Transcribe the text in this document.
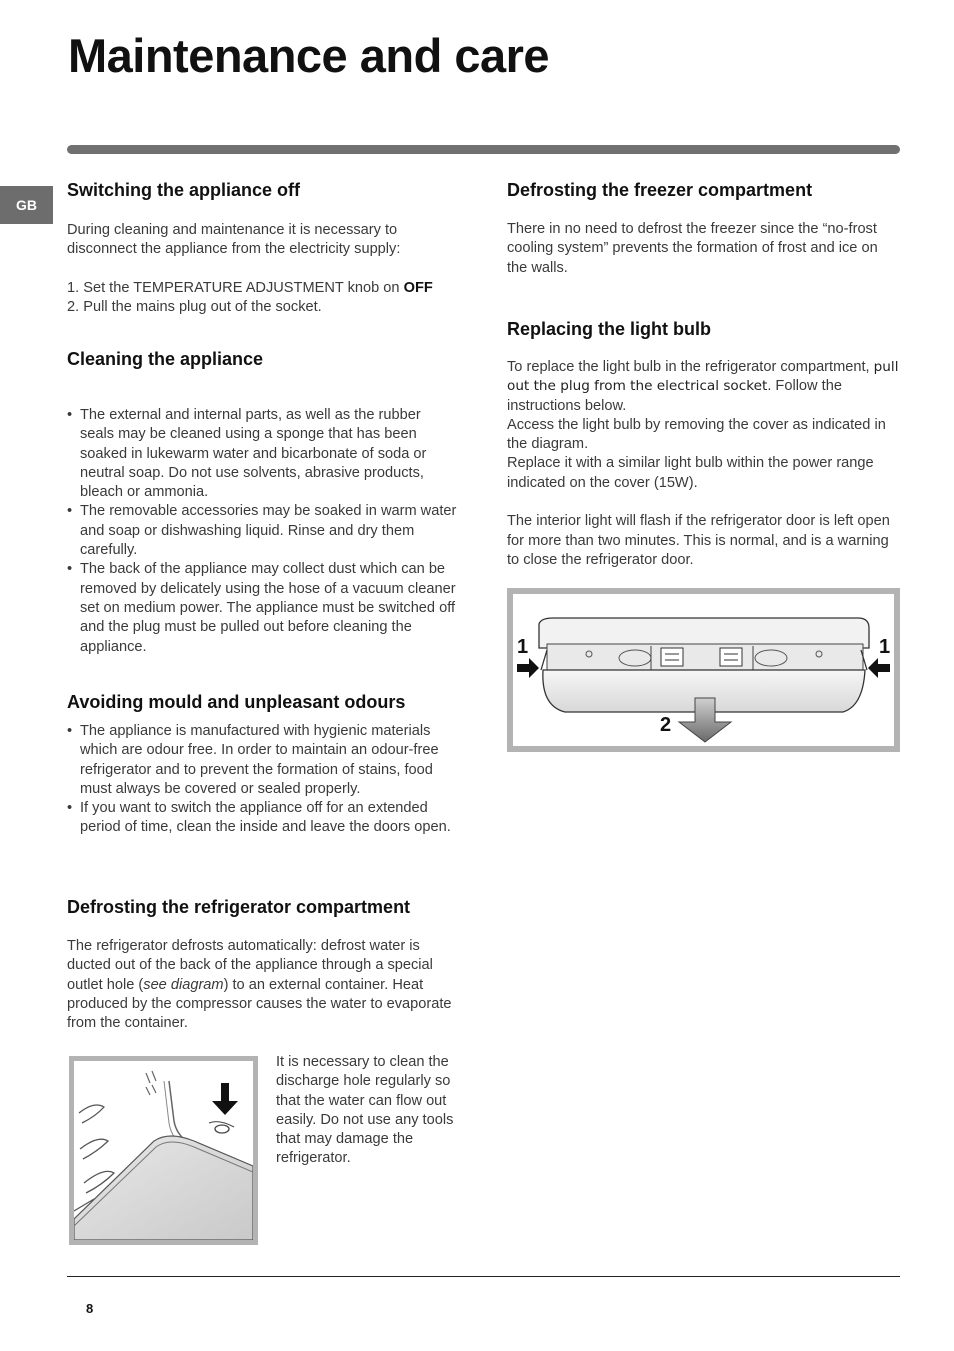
Maintenance and care
GB
Switching the appliance off

During cleaning and maintenance it is necessary to disconnect the appliance from the electricity supply:

1. Set the TEMPERATURE ADJUSTMENT knob on OFF

2. Pull the mains plug out of the socket.

Cleaning the appliance
• The external and internal parts, as well as the rubber seals may be cleaned using a sponge that has been soaked in lukewarm water and bicarbonate of soda or neutral soap. Do not use solvents, abrasive products, bleach or ammonia.
• The removable accessories may be soaked in warm water and soap or dishwashing liquid. Rinse and dry them carefully.
• The back of the appliance may collect dust which can be removed by delicately using the hose of a vacuum cleaner set on medium power. The appliance must be switched off and the plug must be pulled out before cleaning the appliance.
Avoiding mould and unpleasant odours
• The appliance is manufactured with hygienic materials which are odour free. In order to maintain an odour-free refrigerator and to prevent the formation of stains, food must always be covered or sealed properly.
• If you want to switch the appliance off for an extended period of time, clean the inside and leave the doors open.
Defrosting the refrigerator compartment

The refrigerator defrosts automatically: defrost water is ducted out of the back of the appliance through a special outlet hole (see diagram) to an external container. Heat produced by the compressor causes the water to evaporate from the container.

It is necessary to clean the discharge hole regularly so that the water can flow out easily. Do not use any tools that may damage the refrigerator.
Defrosting the freezer compartment
There in no need to defrost the freezer since the “no-frost cooling system” prevents the formation of frost and ice on the walls.
Replacing the light bulb

To replace the light bulb in the refrigerator compartment, pull out the plug from the electrical socket. Follow the instructions below.

Access the light bulb by removing the cover as indicated in the diagram.

Replace it with a similar light bulb within the power range indicated on the cover (15W).

The interior light will flash if the refrigerator door is left open for more than two minutes. This is normal, and is a warning to close the refrigerator door.

1	1
2
8
